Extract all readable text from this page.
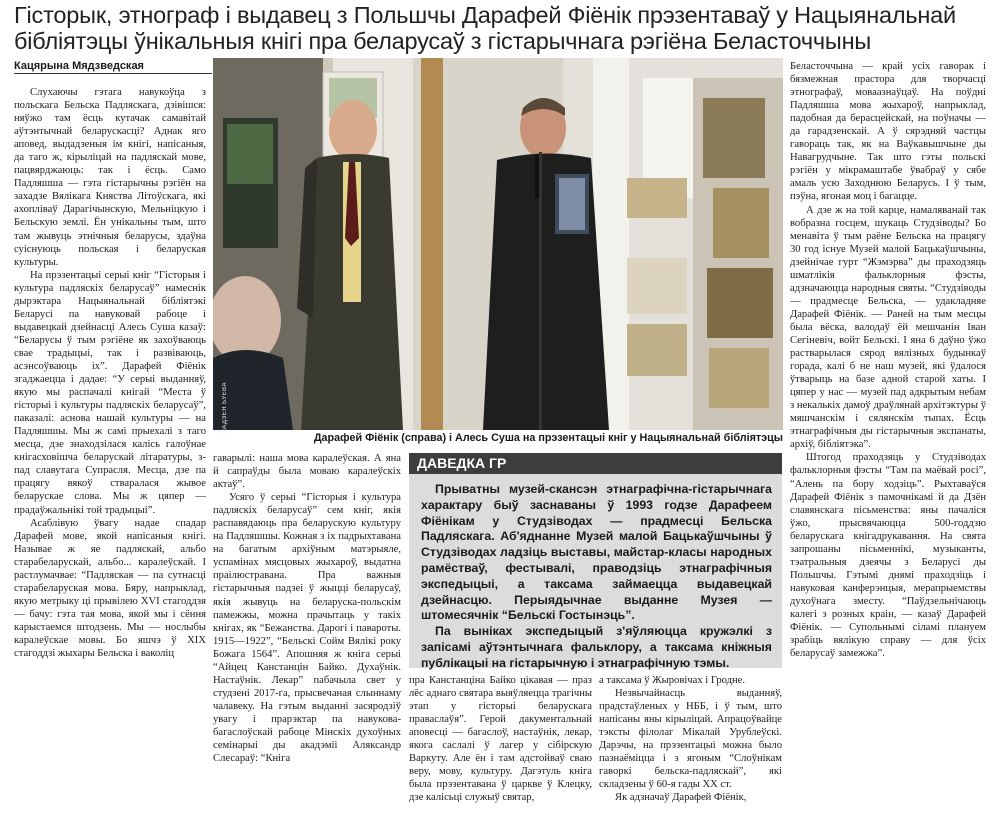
Гісторык, этнограф і выдавец з Польшчы Дарафей Фіёнік прэзентаваў у Нацыянальнай бібліятэцы ўнікальныя кнігі пра беларусаў з гістарычнага рэгіёна Беласточчыны
Кацярына Мядзведская

Слухаючы гэтага навукоўца з польскага Бельска Падляскага, дзівішся: няўжо там ёсць кутачак самавітай аўтэнтычнай беларускасці? Аднак яго аповед, выдадзеныя ім кнігі, напісаныя, да таго ж, кірыліцай на падляскай мове, пацвярджаюць: так і ёсць. Само Падляшша — гэта гістарычны рэгіён на захадзе Вялікага Княства Літоўскага, які ахопліваў Дарагічынскую, Мельніцкую і Бельскую землі. Ён унікальны тым, што там жывуць этнічныя беларусы, здаўна суіснуюць польская і беларуская культуры.

На прэзентацыі серыі кніг “Гісторыя і культура падляскіх беларусаў” намеснік дырэктара Нацыянальнай бібліятэкі Беларусі па навуковай рабоце і выдавецкай дзейнасці Алесь Суша казаў: “Беларусы ў тым рэгіёне як захоўваюць свае традыцыі, так і развіваюць, асэнсоўваюць іх”. Дарафей Фіёнік згаджаецца і дадае: “У серыі выданняў, якую мы распачалі кнігай “Места ў гісторыі і культуры падляскіх беларусаў”, паказалі: аснова нашай культуры — на Падляшшы. Мы ж самі прыехалі з таго месца, дзе знаходзілася калісь галоўнае кнігасховішча беларускай літаратуры, з-пад славутага Супрасля. Месца, дзе па працягу вякоў стваралася жывое беларускае слова. Мы ж цяпер — прадаўжальнікі той традыцыі”.

Асаблівую ўвагу надае спадар Дарафей мове, якой напісаныя кнігі. Называе ж яе падляскай, альбо старабеларускай, альбо... каралеўскай. І растлумачвае: “Падляская — па сутнасці старабеларуская мова. Бяру, напрыклад, якую метрыку ці прывілею XVI стагоддзя — бачу: гэта тая мова, якой мы і сёння карыстаемся штодзень. Мы — нослыбы каралеўскае мовы. Бо яшчэ ў XIX стагоддзі жыхары Бельска і ваколіц

НАДЗЕЯ БУЕВА
Дарафей Фіёнік (справа) і Алесь Суша на прэзентацыі кніг у Нацыянальнай бібліятэцы

гаварылі: наша мова каралеўская. А яна й сапраўды была моваю каралеўскіх актаў”.

Усяго ў серыі “Гісторыя і культура падляскіх беларусаў” сем кніг, якія распавядаюць пра беларускую культуру на Падляшшы. Кожная з іх падрыхтавана на багатым архіўным матэрыяле, успамінах мясцовых жыхароў, выдатна праілюстравана. Пра важныя гістарычныя падзеі ў жыцці беларусаў, якія жывуць на беларуска-польскім памежжы, можна прачытаць у такіх кнігах, як “Бежанства. Дарогі і павароты. 1915—1922”, “Бельскі Сойм Вялікі року Божага 1564”. Апошняя ж кніга серыі “Айцец Канстанцін Байко. Духаўнік. Настаўнік. Лекар” пабачыла свет у студзені 2017-га, прысвечаная слыннаму чалавеку. На гэтым выданні засяродзіў увагу і прарэктар па навукова-багаслоўскай рабоце Мінскіх духоўных семінарыі ды акадэміі Аляксандр Слесараў: “Кніга

ДАВЕДКА ГР

Прыватны музей-скансэн этнаграфічна-гістарычнага характару быў заснаваны ў 1993 годзе Дарафеем Фіёнікам у Студзіводах — прадмесці Бельска Падляскага. Аб'яднанне Музей малой Бацькаўшчыны ў Студзіводах ладзіць выставы, майстар-класы народных рамёстваў, фестывалі, праводзіць этнаграфічныя экспедыцыі, а таксама займаецца выдавецкай дзейнасцю. Перыядычнае выданне Музея — штомесячнік “Бельскі Гостынэць”.

Па выніках экспедыцый з'яўляюцца кружэлкі з запісамі аўтэнтычнага фальклору, а таксама кніжныя публікацыі на гістарычную і этнаграфічную тэмы.

пра Канстанціна Байко цікавая — праз лёс аднаго святара выяўляецца трагічны этап у гісторыі беларускага праваслаўя”. Герой дакументальнай аповесці — багаслоў, настаўнік, лекар, якога саслалі ў лагер у сібірскую Варкуту. Але ён і там адстойваў сваю веру, мову, культуру. Дагэтуль кніга была прэзентавана ў царкве ў Клецку, дзе калісьці служыў святар,

а таксама ў Жыровічах і Гродне.

Незвычайнасць выданняў, прадстаўленых у НББ, і ў тым, што напісаны яны кірыліцай. Апрацоўвайце тэксты філолаг Мікалай Урублеўскі. Дарэчы, на прэзентацыі можна было пазнаёміцца і з ягоным “Слоўнікам гаворкі бельска-падляскай”, які складзены ў 60-я гады XX ст.

Як адзначаў Дарафей Фіёнік,

Беласточчына — край усіх гаворак і бязмежная прастора для творчасці этнографаў, моваазнаўцаў. На поўдні Падляшша мова жыхароў, напрыклад, падобная да берасцейскай, на поўначы — да гарадзенскай. А ў сярэдняй частцы гавораць так, як на Ваўкавышчыне ды Навагрудчыне. Так што гэты польскі рэгіён у мікрамаштабе ўвабраў у сябе амаль усю Заходнюю Беларусь. І ў тым, пэўна, ягоная моц і багацце.

А дзе ж на той карце, намаляванай так вобразна госцем, шукаць Студзіводы? Бо менавіта ў тым раёне Бельска на працягу 30 год існуе Музей малой Бацькаўшчыны, дзейнічае гурт “Жэмэрва” ды праходзяць шматлікія фальклорныя фэсты, адзначаюцца народныя святы. “Студзіводы — прадмесце Бельска, — удакладняе Дарафей Фіёнік. — Раней на тым месцы была вёска, валодаў ёй мешчанін Іван Сегіневіч, войт Бельскі. І яна 6 даўно ўжо растварылася сярод вялізных будынкаў горада, калі б не наш музей, які ўдалося ўтварыць на базе адной старой хаты. І цяпер у нас — музей пад адкрытым небам з некалькіх дамоў драўлянай архітэктуры ў мяшчанскім і сялянскім тыпах. Ёсць этнаграфічныя ды гістарычныя экспанаты, архіў, бібліятэка”.

Штогод праходзяць у Студзіводах фальклорныя фэсты “Там па маёвай росі”, “Алень па бору ходзіць”. Рыхтаваўся Дарафей Фіёнік з памочнікамі й да Дзён славянскага пісьменства: яны пачаліся ўжо, прысвячаюцца 500-годдзю беларускага кнігадрукавання. На свята запрошаны пісьменнікі, музыканты, тэатральныя дзеячы з Беларусі ды Польшчы. Гэтымі днямі праходзіць і навуковая канферэнцыя, мерапрыемствы духоўнага зместу. “Паўдзельнічаюць калегі з розных краін, — казаў Дарафей Фіёнік. — Супольнымі сіламі плануем зрабіць вялікую справу — для ўсіх беларусаў замежжа”.
